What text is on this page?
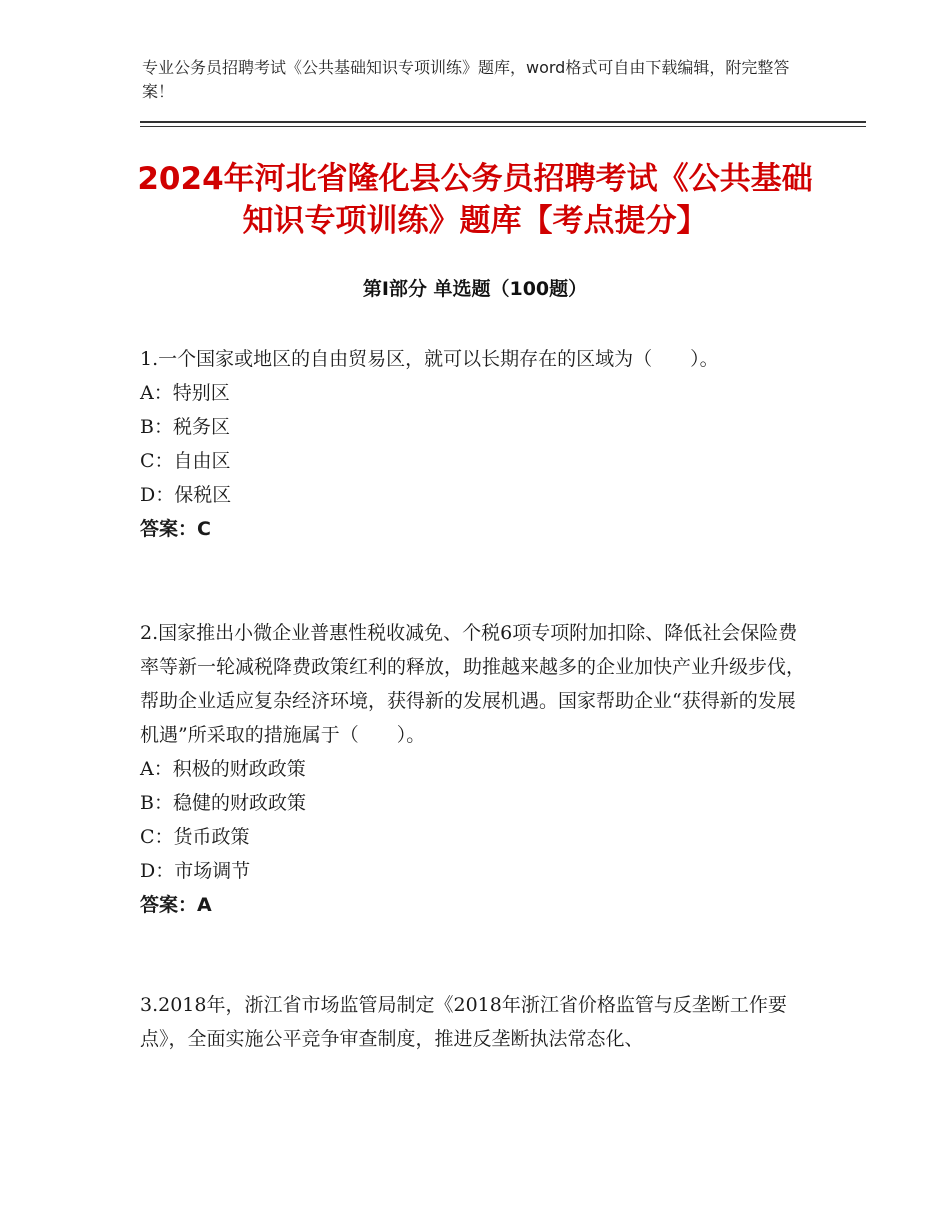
专业公务员招聘考试《公共基础知识专项训练》题库，word格式可自由下载编辑，附完整答案！
2024年河北省隆化县公务员招聘考试《公共基础知识专项训练》题库【考点提分】
第I部分 单选题（100题）

1.一个国家或地区的自由贸易区，就可以长期存在的区域为（　　）。

A：特别区

B：税务区

C：自由区

D：保税区

答案：C

2.国家推出小微企业普惠性税收减免、个税6项专项附加扣除、降低社会保险费率等新一轮减税降费政策红利的释放，助推越来越多的企业加快产业升级步伐，帮助企业适应复杂经济环境，获得新的发展机遇。国家帮助企业“获得新的发展机遇”所采取的措施属于（　　）。

A：积极的财政政策

B：稳健的财政政策

C：货币政策

D：市场调节

答案：A

3.2018年，浙江省市场监管局制定《2018年浙江省价格监管与反垄断工作要点》，全面实施公平竞争审查制度，推进反垄断执法常态化、
